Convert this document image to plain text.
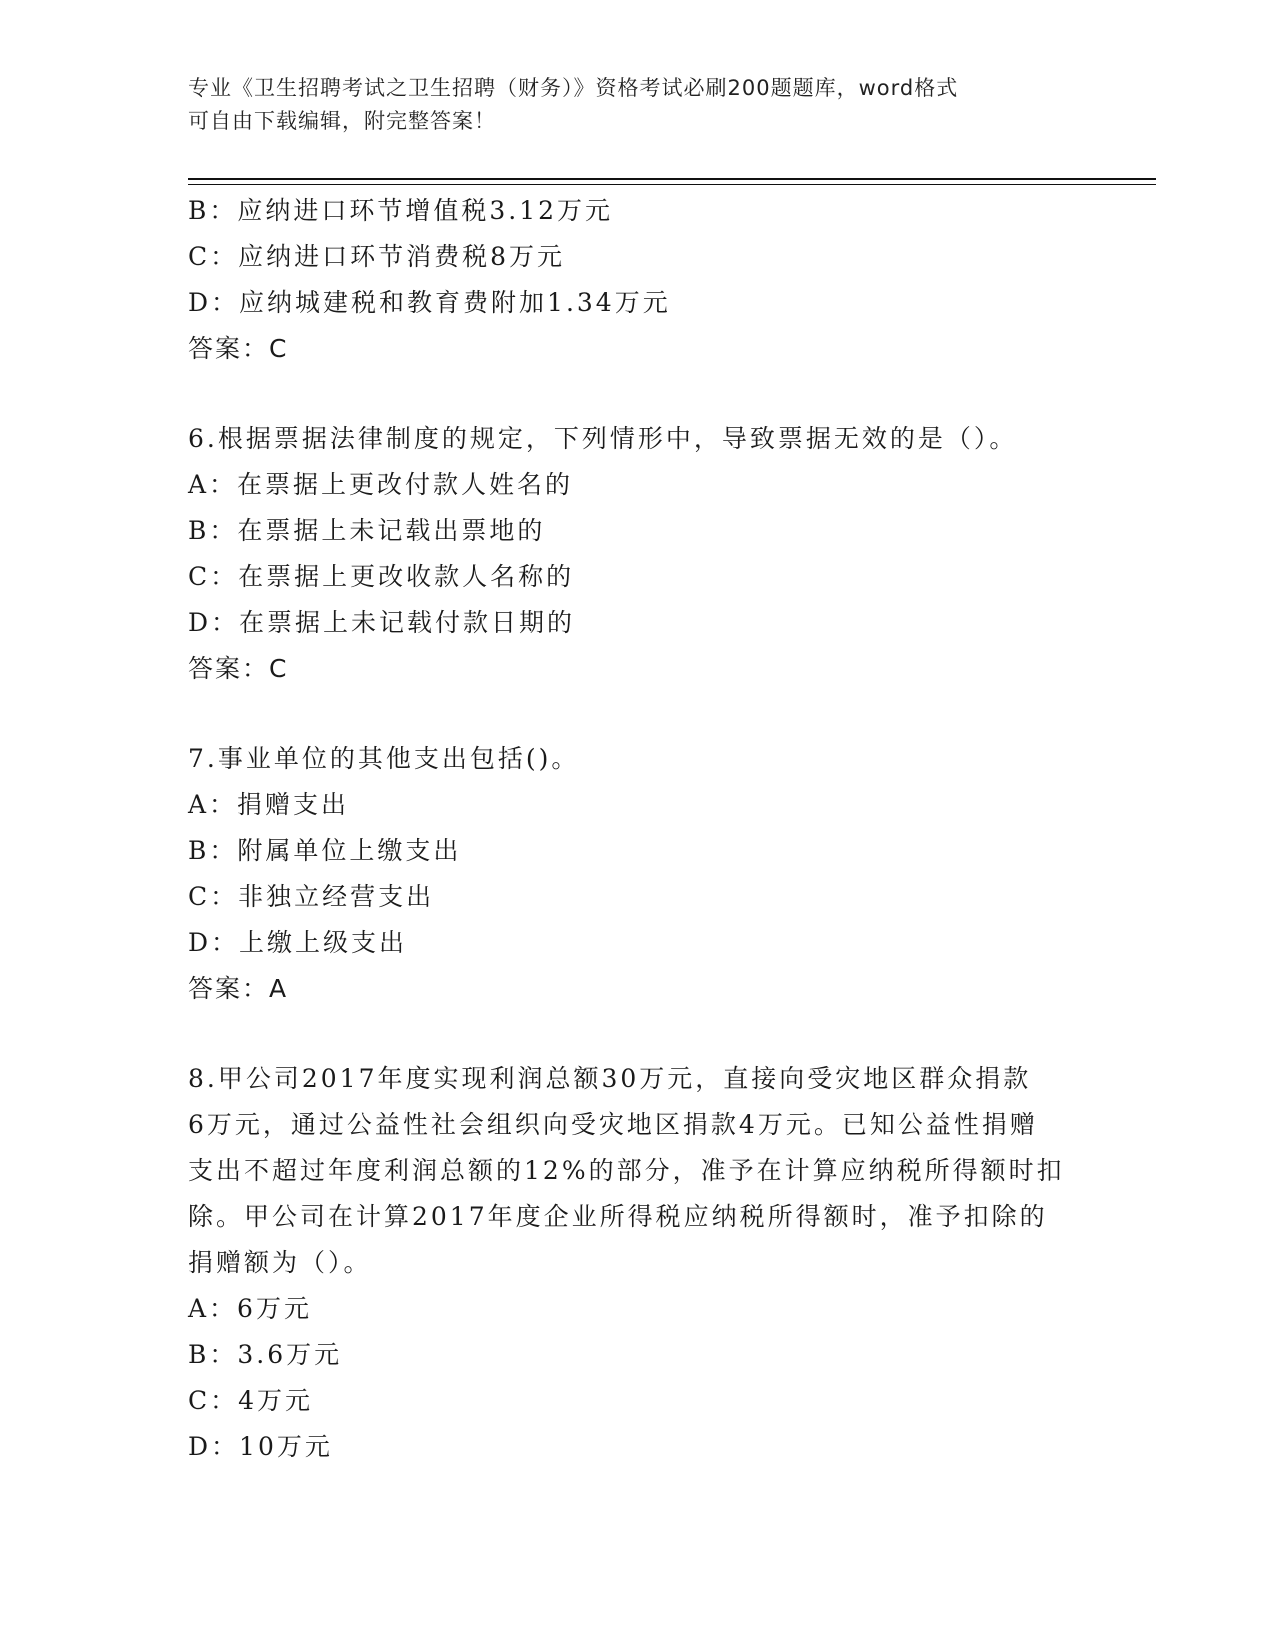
专业《卫生招聘考试之卫生招聘（财务）》资格考试必刷200题题库，word格式
可自由下载编辑，附完整答案！
B：应纳进口环节增值税3.12万元
C：应纳进口环节消费税8万元
D：应纳城建税和教育费附加1.34万元
答案：C
6.根据票据法律制度的规定，下列情形中，导致票据无效的是（）。
A：在票据上更改付款人姓名的
B：在票据上未记载出票地的
C：在票据上更改收款人名称的
D：在票据上未记载付款日期的
答案：C
7.事业单位的其他支出包括()。
A：捐赠支出
B：附属单位上缴支出
C：非独立经营支出
D：上缴上级支出
答案：A
8.甲公司2017年度实现利润总额30万元，直接向受灾地区群众捐款
6万元，通过公益性社会组织向受灾地区捐款4万元。已知公益性捐赠
支出不超过年度利润总额的12%的部分，准予在计算应纳税所得额时扣
除。甲公司在计算2017年度企业所得税应纳税所得额时，准予扣除的
捐赠额为（）。
A：6万元
B：3.6万元
C：4万元
D：10万元
